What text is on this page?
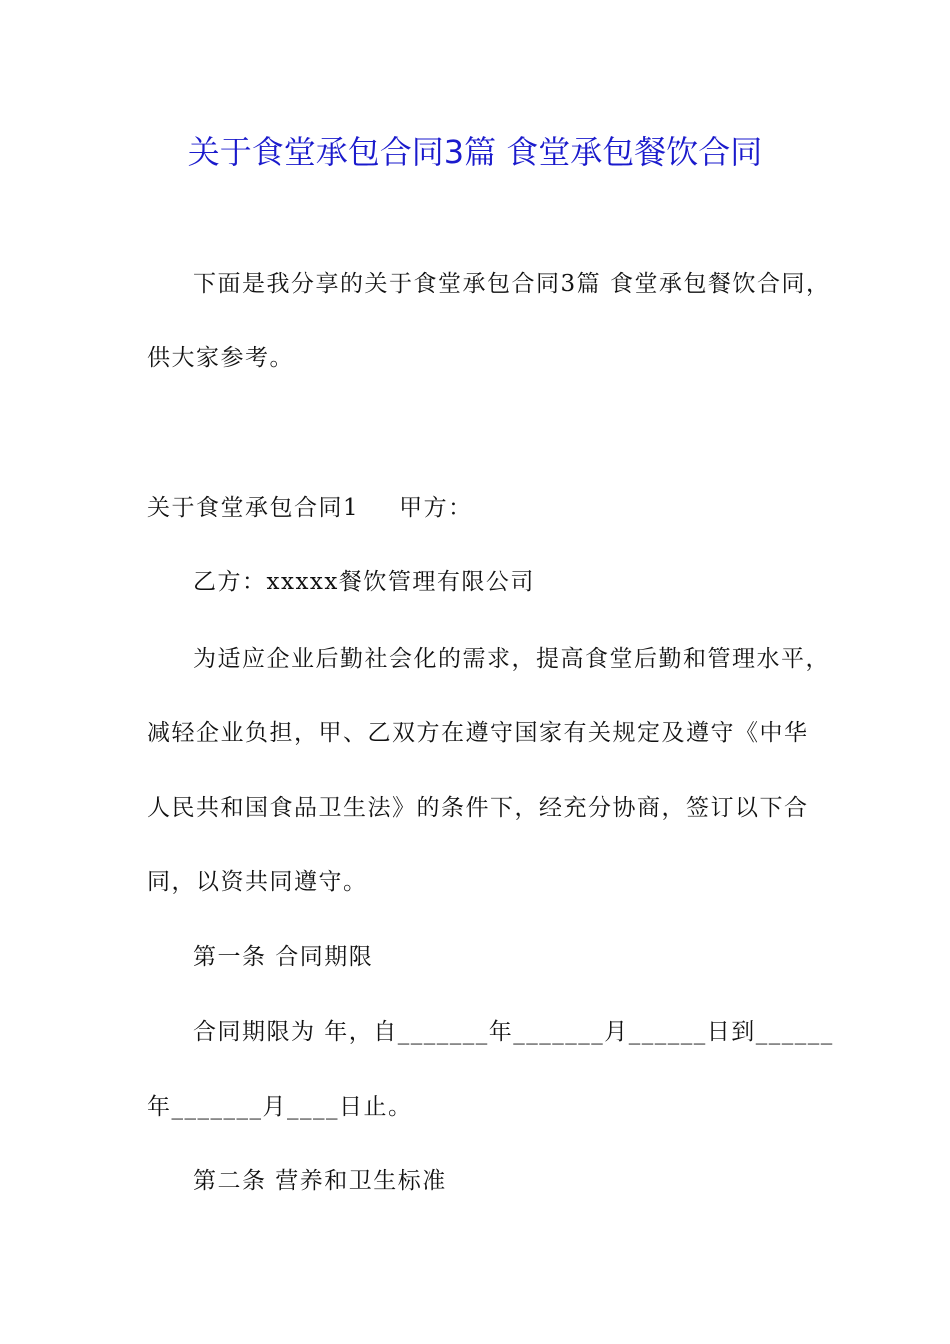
关于食堂承包合同3篇 食堂承包餐饮合同
下面是我分享的关于食堂承包合同3篇 食堂承包餐饮合同，
供大家参考。
关于食堂承包合同1 甲方：
乙方：xxxxx餐饮管理有限公司
为适应企业后勤社会化的需求，提高食堂后勤和管理水平，
减轻企业负担，甲、乙双方在遵守国家有关规定及遵守《中华
人民共和国食品卫生法》的条件下，经充分协商，签订以下合
同，以资共同遵守。
第一条 合同期限
合同期限为 年，自_______年_______月______日到______
年_______月____日止。
第二条 营养和卫生标准
